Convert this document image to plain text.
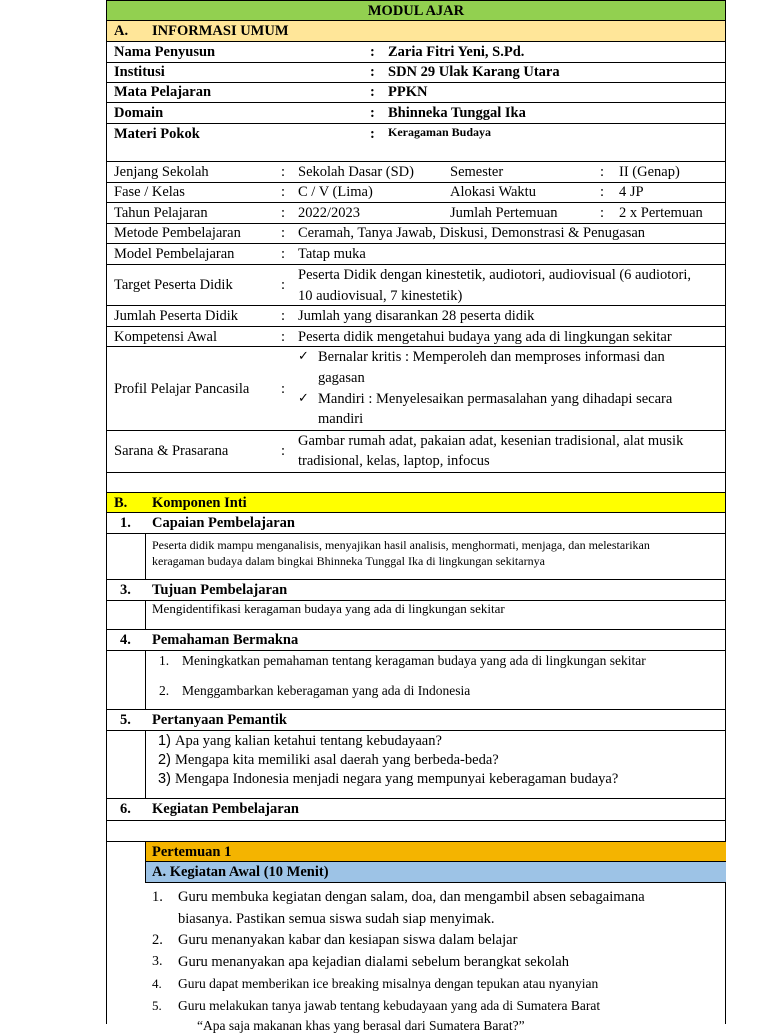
MODUL AJAR
A. INFORMASI UMUM
Nama Penyusun	: Zaria Fitri Yeni, S.Pd.
Institusi	: SDN 29 Ulak Karang Utara
Mata Pelajaran	: PPKN
Domain	: Bhinneka Tunggal Ika
Materi Pokok	: Keragaman Budaya
Jenjang Sekolah	: Sekolah Dasar (SD) Semester	: II (Genap)
Fase / Kelas	: C / V (Lima)	Alokasi Waktu	: 4 JP
Tahun Pelajaran	: 2022/2023	Jumlah Pertemuan	: 2 x Pertemuan
Metode Pembelajaran	: Ceramah, Tanya Jawab, Diskusi, Demonstrasi & Penugasan
Model Pembelajaran	: Tatap muka
Target Peserta Didik	:
Peserta Didik dengan kinestetik, audiotori, audiovisual (6 audiotori,
10 audiovisual, 7 kinestetik)
Jumlah Peserta Didik	: Jumlah yang disarankan 28 peserta didik
Kompetensi Awal	: Peserta didik mengetahui budaya yang ada di lingkungan sekitar
Profil Pelajar Pancasila :
✓ Bernalar kritis : Memperoleh dan memproses informasi dan
gagasan
✓ Mandiri : Menyelesaikan permasalahan yang dihadapi secara
mandiri
Sarana & Prasarana	:
Gambar rumah adat, pakaian adat, kesenian tradisional, alat musik
tradisional, kelas, laptop, infocus
B. Komponen Inti
1. Capaian Pembelajaran
Peserta didik mampu menganalisis, menyajikan hasil analisis, menghormati, menjaga, dan melestarikan
keragaman budaya dalam bingkai Bhinneka Tunggal Ika di lingkungan sekitarnya
3. Tujuan Pembelajaran
Mengidentifikasi keragaman budaya yang ada di lingkungan sekitar
4. Pemahaman Bermakna
1. Meningkatkan pemahaman tentang keragaman budaya yang ada di lingkungan sekitar
2. Menggambarkan keberagaman yang ada di Indonesia
5. Pertanyaan Pemantik
1) Apa yang kalian ketahui tentang kebudayaan?
2) Mengapa kita memiliki asal daerah yang berbeda-beda?
3) Mengapa Indonesia menjadi negara yang mempunyai keberagaman budaya?
6. Kegiatan Pembelajaran
Pertemuan 1
A. Kegiatan Awal (10 Menit)
1. Guru membuka kegiatan dengan salam, doa, dan mengambil absen sebagaimana
biasanya. Pastikan semua siswa sudah siap menyimak.
2. Guru menanyakan kabar dan kesiapan siswa dalam belajar
3. Guru menanyakan apa kejadian dialami sebelum berangkat sekolah
4. Guru dapat memberikan ice breaking misalnya dengan tepukan atau nyanyian
5. Guru melakukan tanya jawab tentang kebudayaan yang ada di Sumatera Barat
“Apa saja makanan khas yang berasal dari Sumatera Barat?”
